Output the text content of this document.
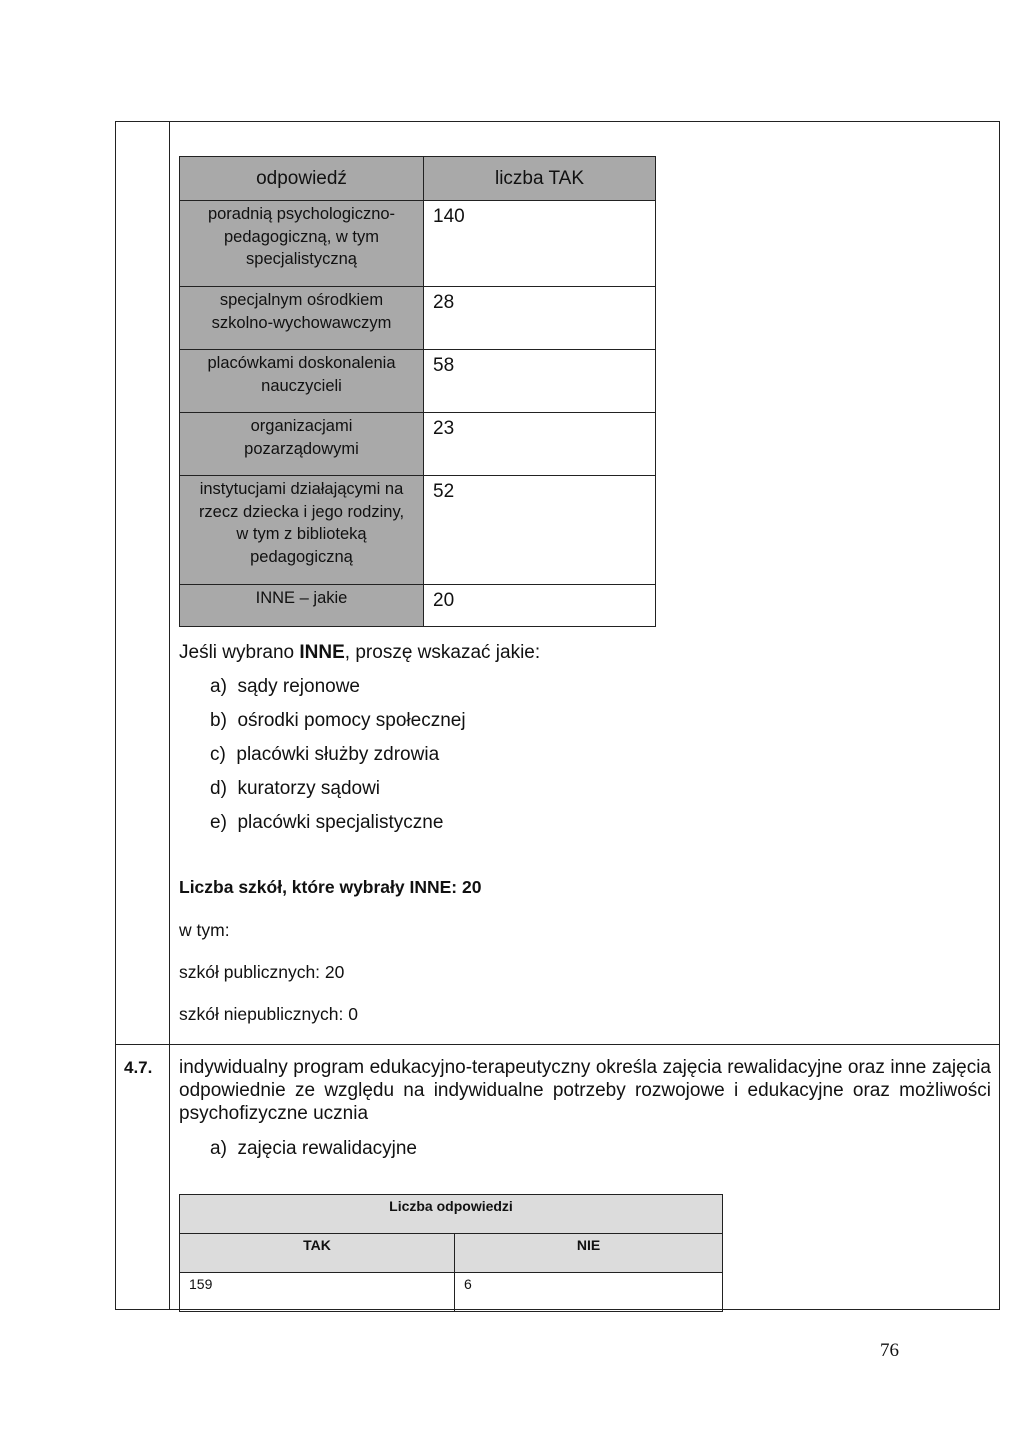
odpowiedź	liczba TAK

poradnią psychologiczno-
pedagogiczną, w tym
specjalistyczną	140

specjalnym ośrodkiem
szkolno-wychowawczym	28

placówkami doskonalenia
nauczycieli	58

organizacjami
pozarządowymi	23

instytucjami działającymi na
rzecz dziecka i jego rodziny,
w tym z biblioteką
pedagogiczną	52

INNE – jakie	20
Jeśli wybrano INNE, proszę wskazać jakie:
a) sądy rejonowe
b) ośrodki pomocy społecznej
c) placówki służby zdrowia
d) kuratorzy sądowi
e) placówki specjalistyczne
Liczba szkół, które wybrały INNE: 20
w tym:
szkół publicznych: 20
szkół niepublicznych: 0
4.7. indywidualny program edukacyjno-terapeutyczny określa zajęcia rewalidacyjne oraz inne zajęcia odpowiednie ze względu na indywidualne potrzeby rozwojowe i edukacyjne oraz możliwości psychofizyczne ucznia
a) zajęcia rewalidacyjne
Liczba odpowiedzi	
TAK	NIE
159	6
76
